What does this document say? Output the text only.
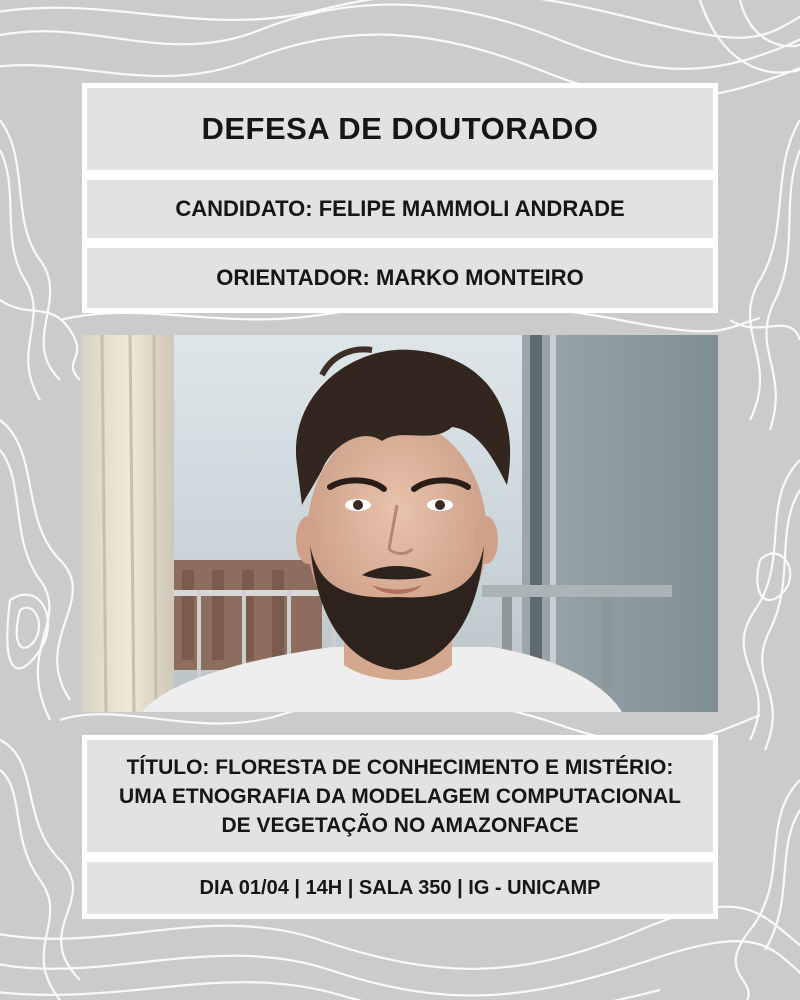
DEFESA DE DOUTORADO
CANDIDATO: FELIPE MAMMOLI ANDRADE
ORIENTADOR: MARKO MONTEIRO
TÍTULO: FLORESTA DE CONHECIMENTO E MISTÉRIO: UMA ETNOGRAFIA DA MODELAGEM COMPUTACIONAL DE VEGETAÇÃO NO AMAZONFACE
DIA 01/04 | 14H | SALA 350 | IG - UNICAMP
